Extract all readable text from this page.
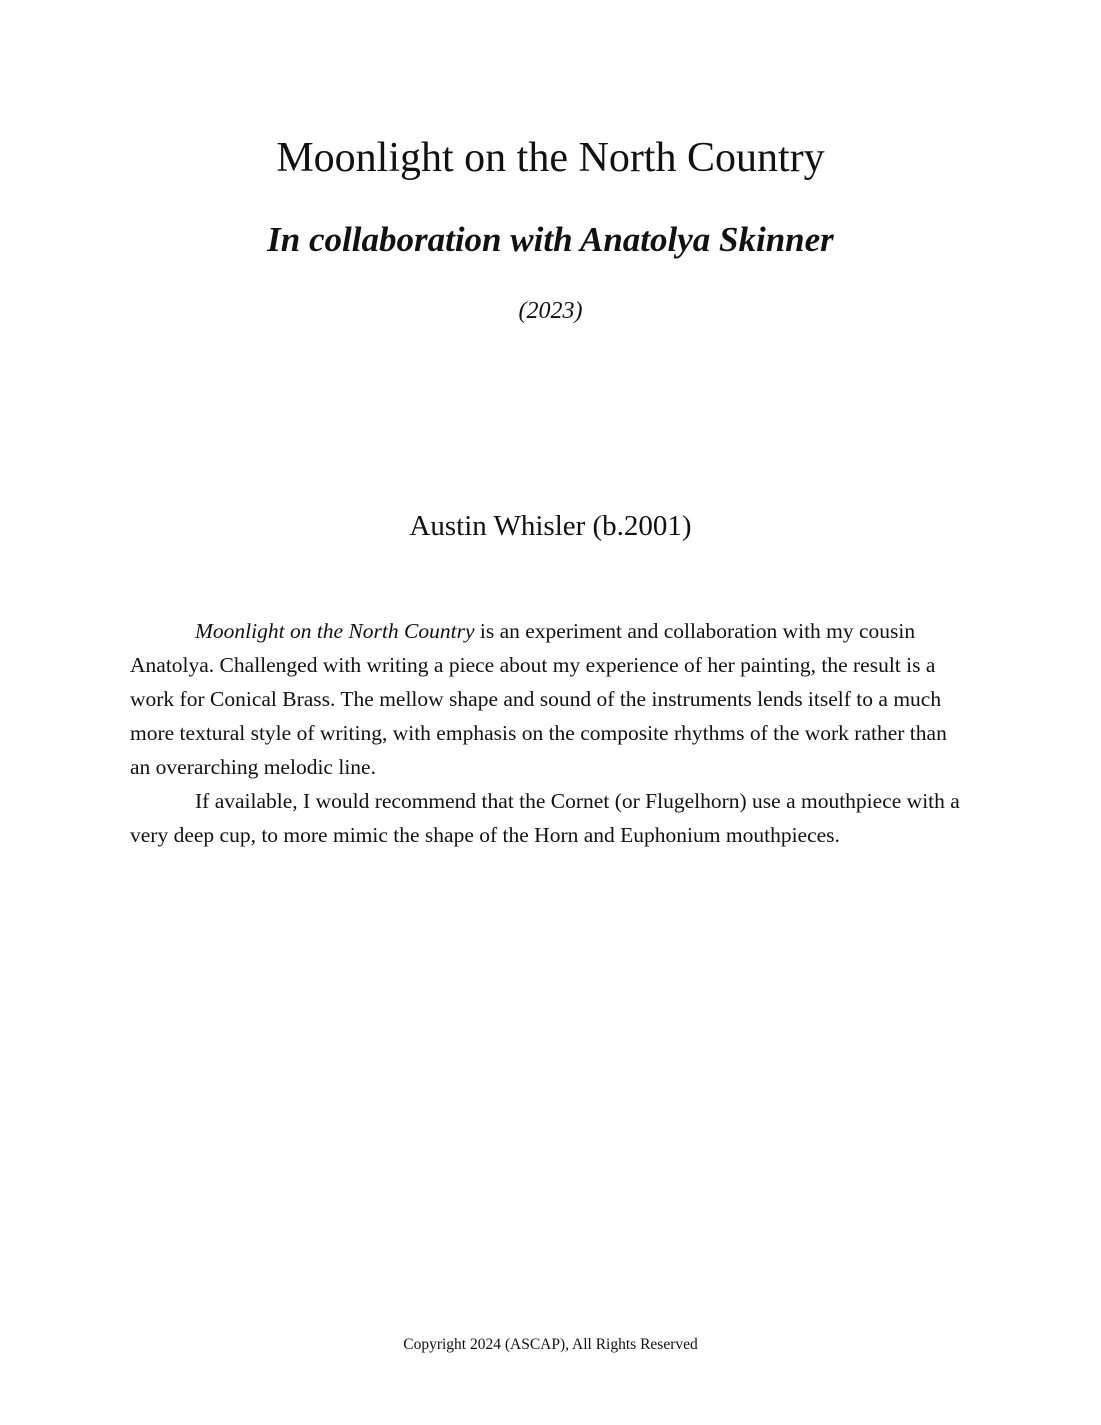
Moonlight on the North Country
In collaboration with Anatolya Skinner
(2023)
Austin Whisler (b.2001)

Moonlight on the North Country is an experiment and collaboration with my cousin Anatolya. Challenged with writing a piece about my experience of her painting, the result is a work for Conical Brass. The mellow shape and sound of the instruments lends itself to a much more textural style of writing, with emphasis on the composite rhythms of the work rather than an overarching melodic line.

If available, I would recommend that the Cornet (or Flugelhorn) use a mouthpiece with a very deep cup, to more mimic the shape of the Horn and Euphonium mouthpieces.

Copyright 2024 (ASCAP), All Rights Reserved
